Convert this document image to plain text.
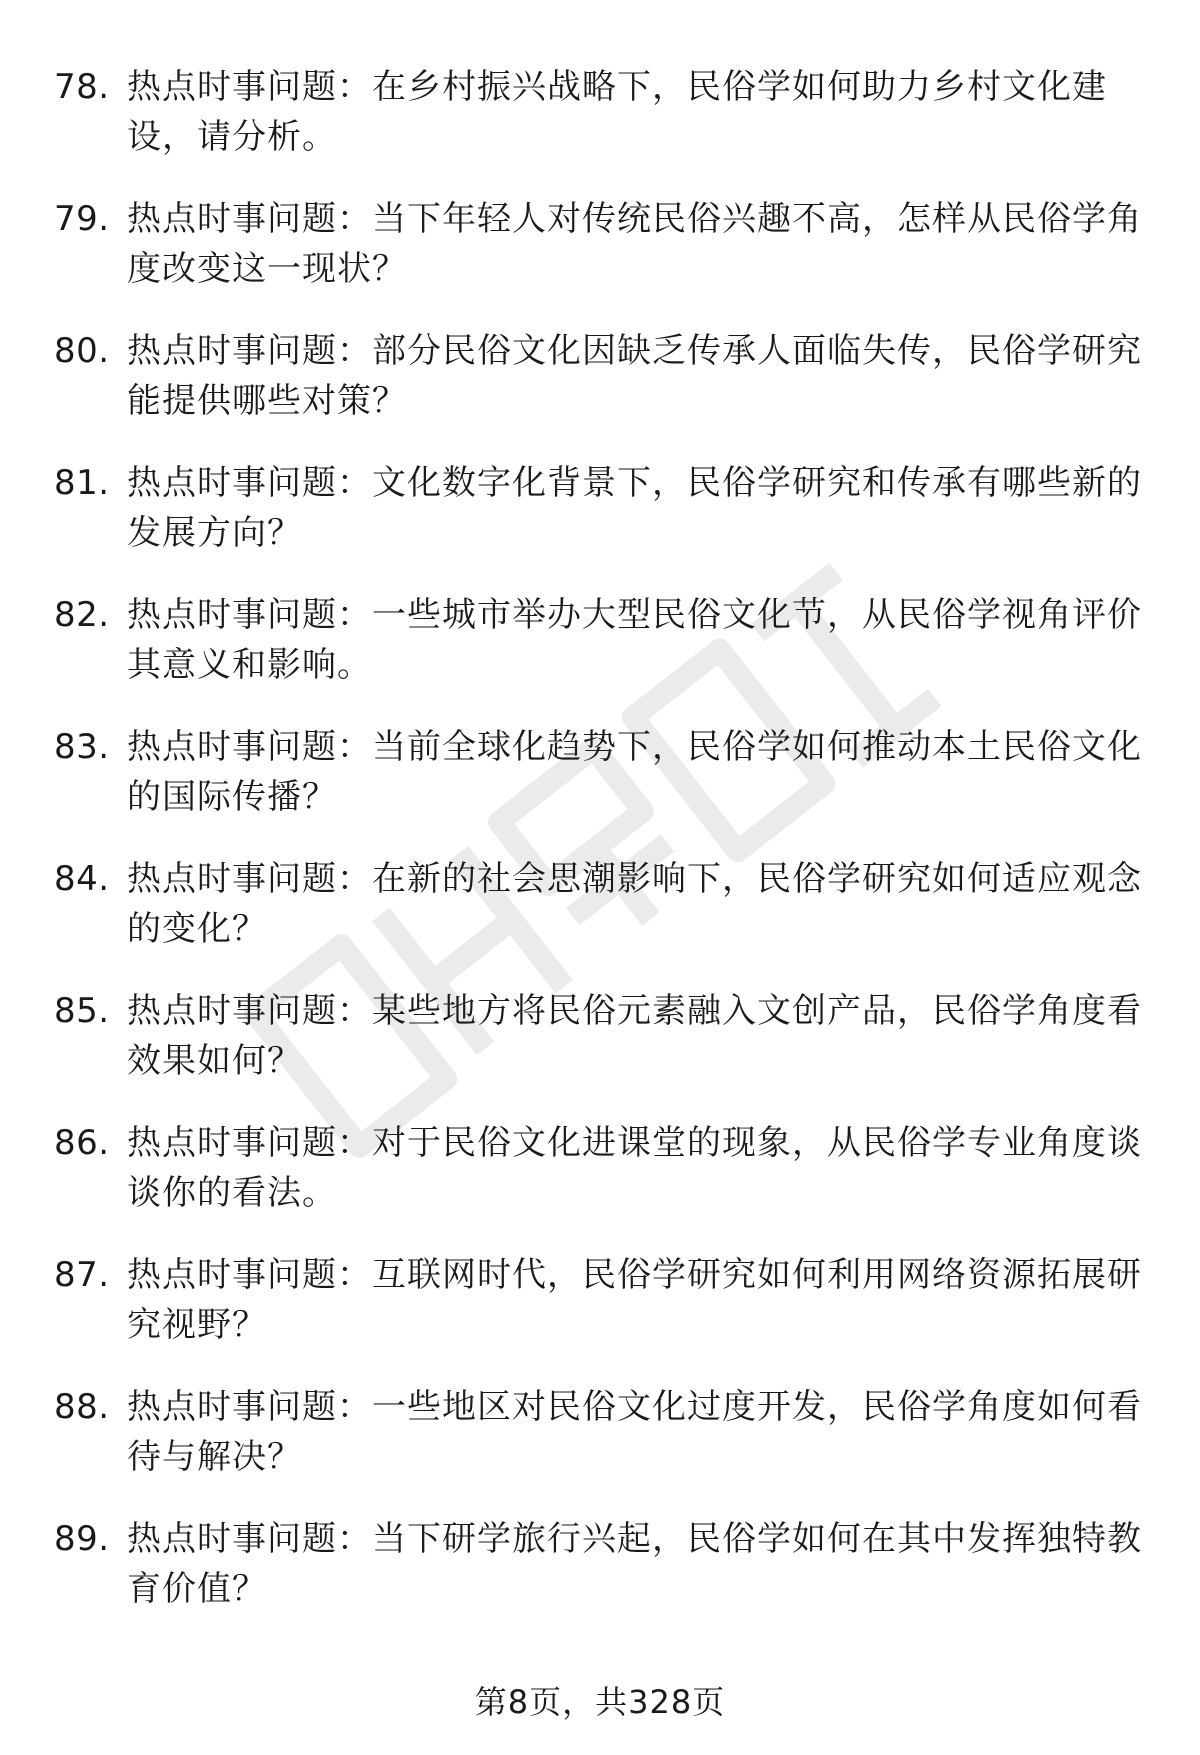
78. 热点时事问题：在乡村振兴战略下，民俗学如何助力乡村文化建设，请分析。
79. 热点时事问题：当下年轻人对传统民俗兴趣不高，怎样从民俗学角度改变这一现状？
80. 热点时事问题：部分民俗文化因缺乏传承人面临失传，民俗学研究能提供哪些对策？
81. 热点时事问题：文化数字化背景下，民俗学研究和传承有哪些新的发展方向？
82. 热点时事问题：一些城市举办大型民俗文化节，从民俗学视角评价其意义和影响。
83. 热点时事问题：当前全球化趋势下，民俗学如何推动本土民俗文化的国际传播？
84. 热点时事问题：在新的社会思潮影响下，民俗学研究如何适应观念的变化？
85. 热点时事问题：某些地方将民俗元素融入文创产品，民俗学角度看效果如何？
86. 热点时事问题：对于民俗文化进课堂的现象，从民俗学专业角度谈谈你的看法。
87. 热点时事问题：互联网时代，民俗学研究如何利用网络资源拓展研究视野？
88. 热点时事问题：一些地区对民俗文化过度开发，民俗学角度如何看待与解决？
89. 热点时事问题：当下研学旅行兴起，民俗学如何在其中发挥独特教育价值？
第8页，共328页
